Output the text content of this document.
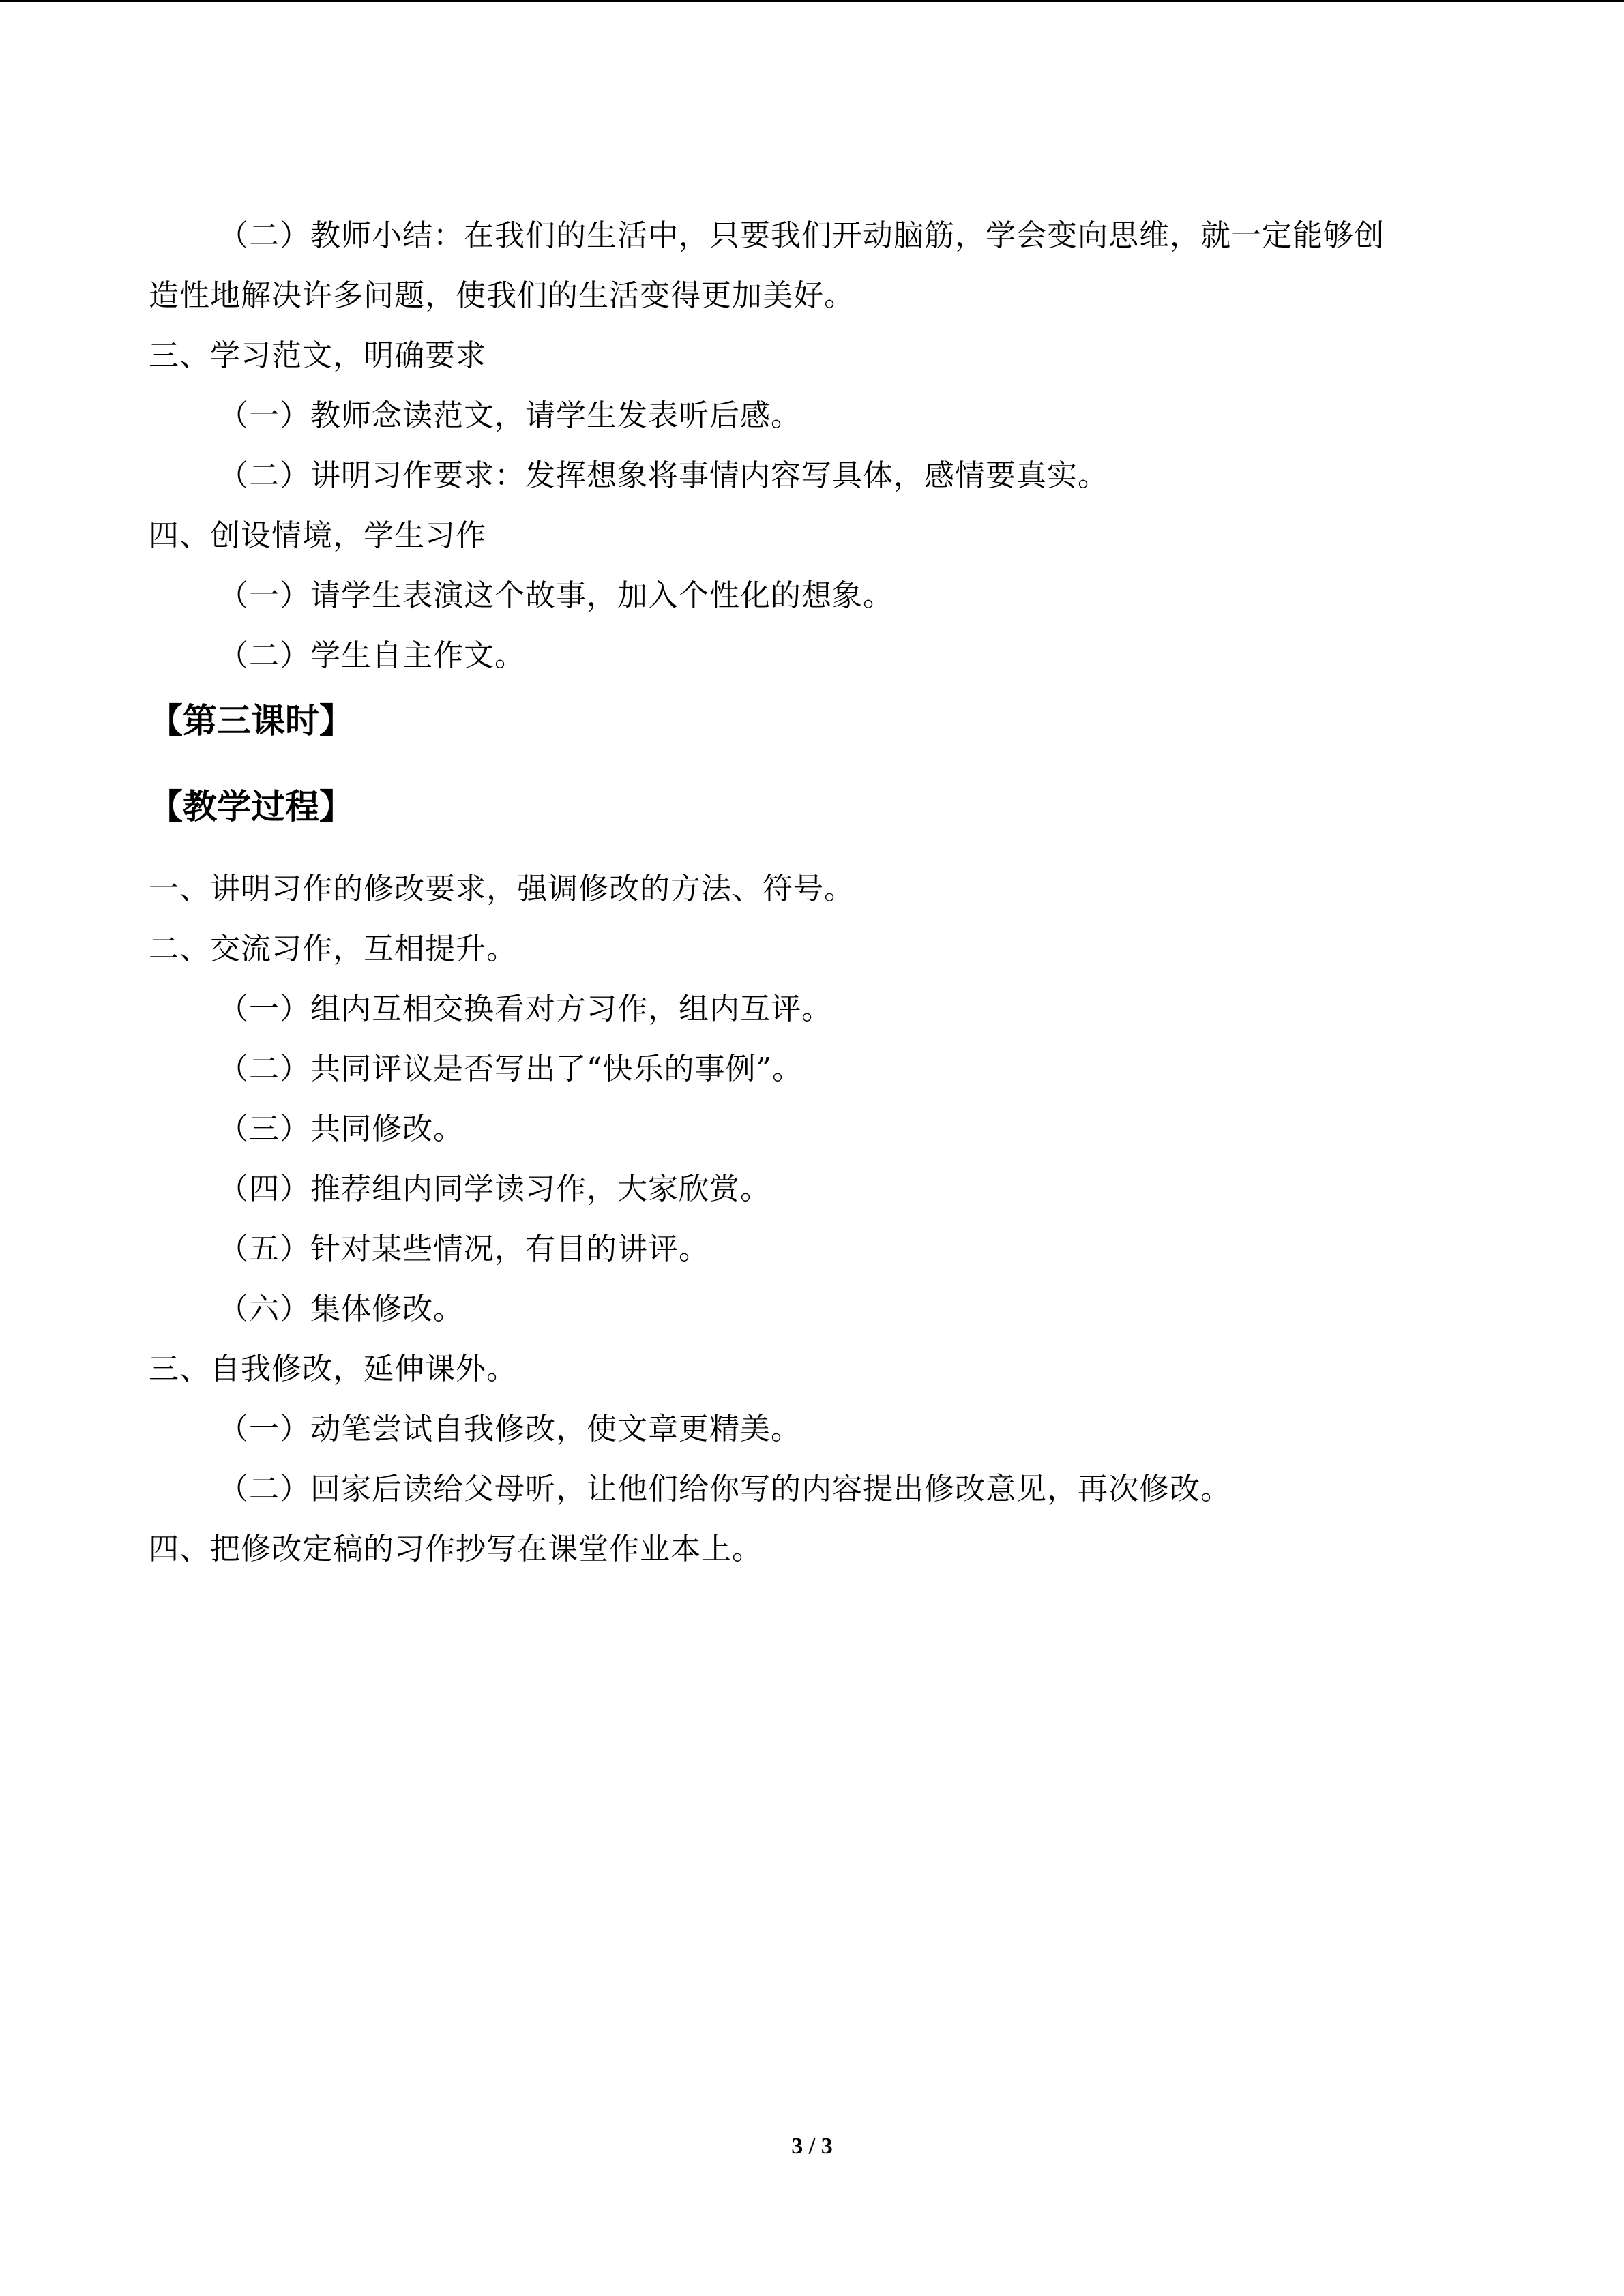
（二）教师小结：在我们的生活中，只要我们开动脑筋，学会变向思维，就一定能够创
造性地解决许多问题，使我们的生活变得更加美好。
三、学习范文，明确要求
（一）教师念读范文，请学生发表听后感。
（二）讲明习作要求：发挥想象将事情内容写具体，感情要真实。
四、创设情境，学生习作
（一）请学生表演这个故事，加入个性化的想象。
（二）学生自主作文。
【第三课时】
【教学过程】
一、讲明习作的修改要求，强调修改的方法、符号。
二、交流习作，互相提升。
（一）组内互相交换看对方习作，组内互评。
（二）共同评议是否写出了“快乐的事例”。
（三）共同修改。
（四）推荐组内同学读习作，大家欣赏。
（五）针对某些情况，有目的讲评。
（六）集体修改。
三、自我修改，延伸课外。
（一）动笔尝试自我修改，使文章更精美。
（二）回家后读给父母听，让他们给你写的内容提出修改意见，再次修改。
四、把修改定稿的习作抄写在课堂作业本上。
3 / 3
